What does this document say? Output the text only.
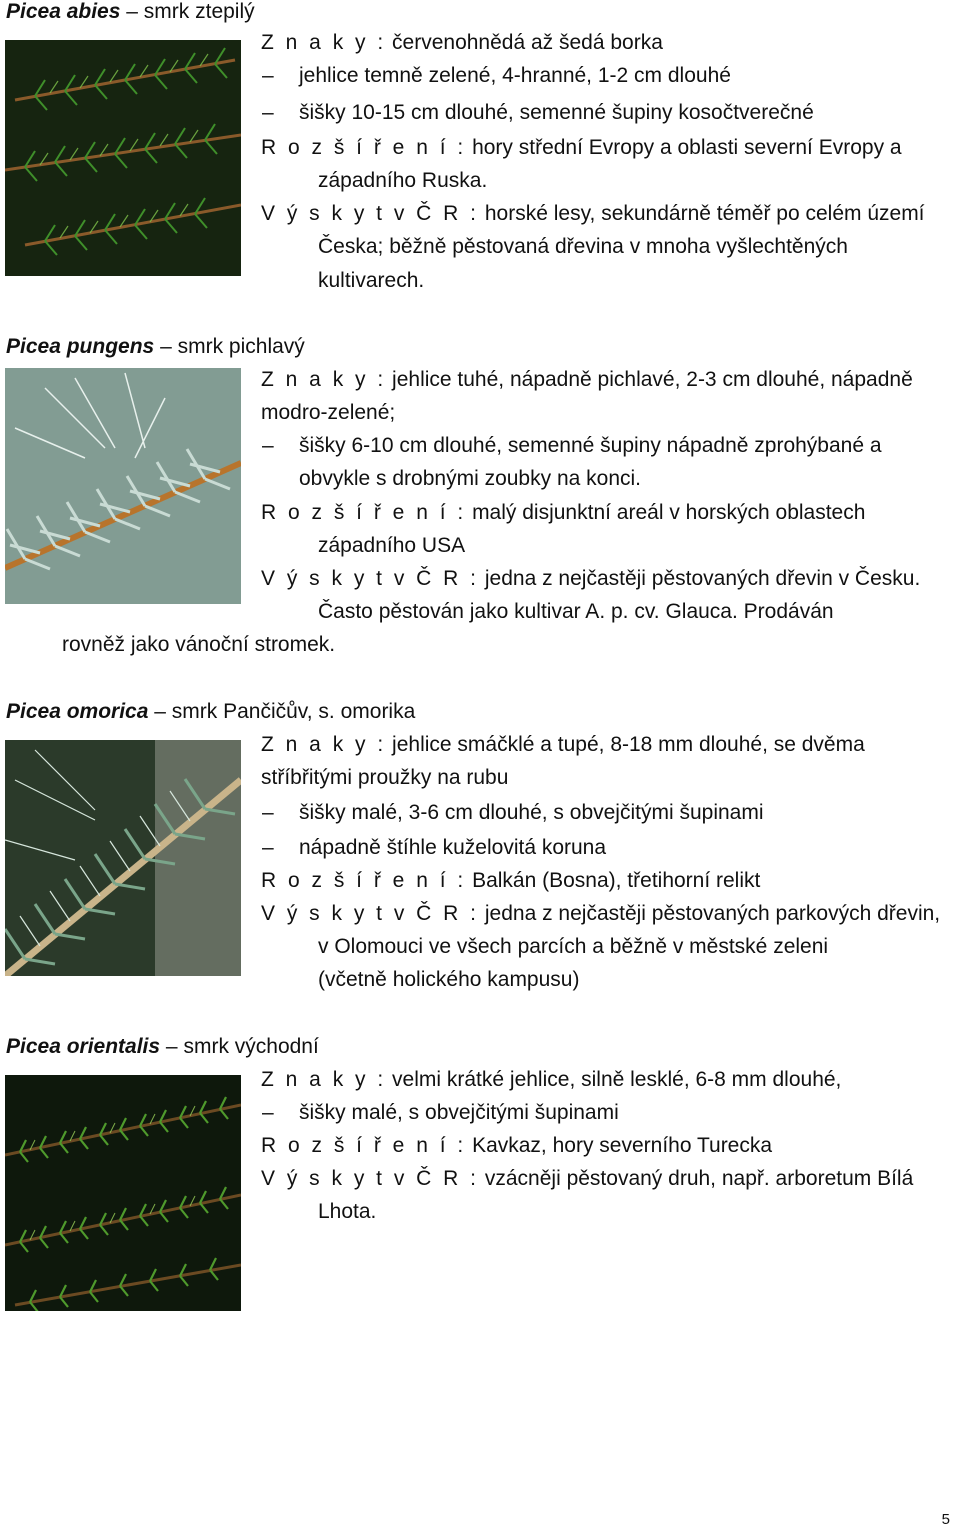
Picea abies – smrk ztepilý
Z n a k y : červenohnědá až šedá borka
– jehlice temně zelené, 4-hranné, 1-2 cm dlouhé
– šišky 10-15 cm dlouhé, semenné šupiny kosočtverečné
R o z š í ř e n í : hory střední Evropy a oblasti severní Evropy a
západního Ruska.
V ý s k y t v Č R : horské lesy, sekundárně téměř po celém území
Česka; běžně pěstovaná dřevina v mnoha vyšlechtěných
kultivarech.
Picea pungens – smrk pichlavý
Z n a k y : jehlice tuhé, nápadně pichlavé, 2-3 cm dlouhé, nápadně
modro-zelené;
– šišky 6-10 cm dlouhé, semenné šupiny nápadně zprohýbané a
obvykle s drobnými zoubky na konci.
R o z š í ř e n í : malý disjunktní areál v horských oblastech
západního USA
V ý s k y t v Č R : jedna z nejčastěji pěstovaných dřevin v Česku.
Často pěstován jako kultivar A. p. cv. Glauca. Prodáván
rovněž jako vánoční stromek.
Picea omorica – smrk Pančičův, s. omorika
Z n a k y : jehlice smáčklé a tupé, 8-18 mm dlouhé, se dvěma
stříbřitými proužky na rubu
– šišky malé, 3-6 cm dlouhé, s obvejčitými šupinami
– nápadně štíhle kuželovitá koruna
R o z š í ř e n í : Balkán (Bosna), třetihorní relikt
V ý s k y t v Č R : jedna z nejčastěji pěstovaných parkových dřevin,
v Olomouci ve všech parcích a běžně v městské zeleni
(včetně holického kampusu)
Picea orientalis – smrk východní
Z n a k y : velmi krátké jehlice, silně lesklé, 6-8 mm dlouhé,
– šišky malé, s obvejčitými šupinami
R o z š í ř e n í : Kavkaz, hory severního Turecka
V ý s k y t v Č R : vzácněji pěstovaný druh, např. arboretum Bílá
Lhota.
5
